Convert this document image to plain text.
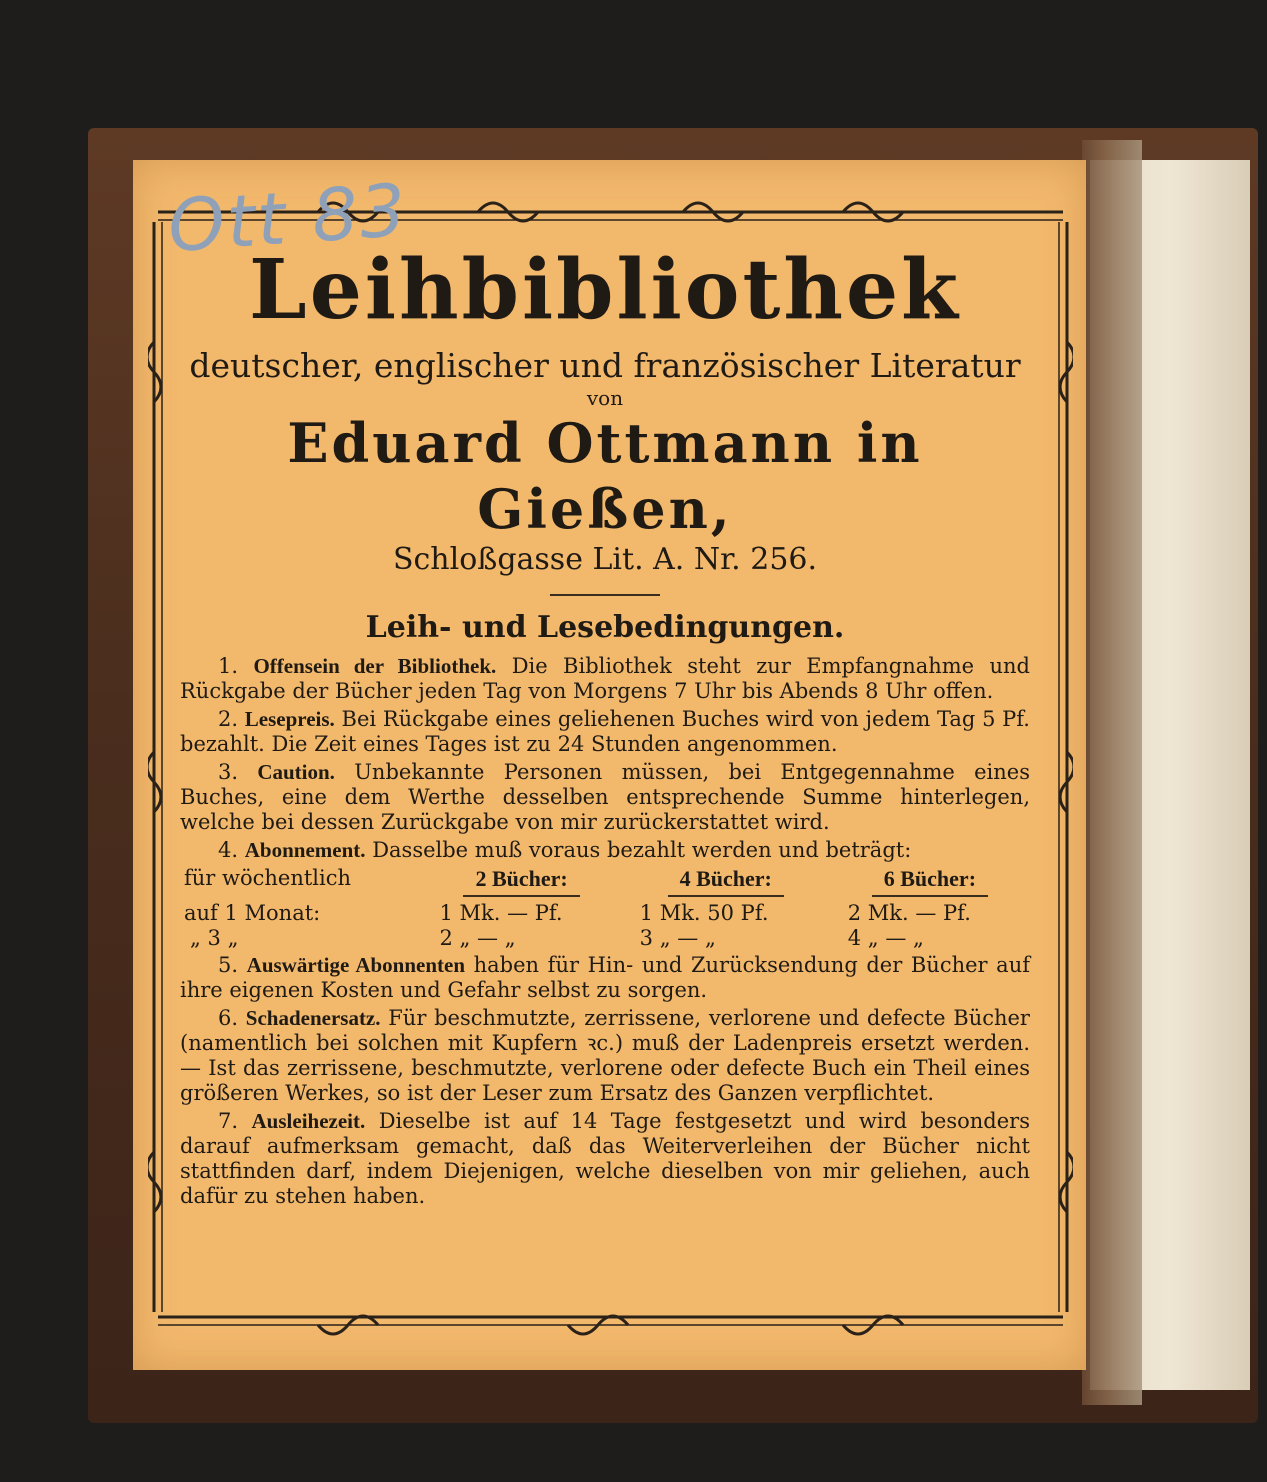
Ott 83
Leihbibliothek
deutscher, englischer und französischer Literatur
von
Eduard Ottmann in Gießen,
Schloßgasse Lit. A. Nr. 256.
Leih- und Lesebedingungen.

1. Offensein der Bibliothek. Die Bibliothek steht zur Empfangnahme und Rückgabe der Bücher jeden Tag von Morgens 7 Uhr bis Abends 8 Uhr offen.

2. Lesepreis. Bei Rückgabe eines geliehenen Buches wird von jedem Tag 5 Pf. bezahlt. Die Zeit eines Tages ist zu 24 Stunden angenommen.

3. Caution. Unbekannte Personen müssen, bei Entgegennahme eines Buches, eine dem Werthe desselben entsprechende Summe hinterlegen, welche bei dessen Zurückgabe von mir zurückerstattet wird.

4. Abonnement. Dasselbe muß voraus bezahlt werden und beträgt:

für wöchentlich	2 Bücher:	4 Bücher:	6 Bücher:
auf 1 Monat:	1 Mk. — Pf.	1 Mk. 50 Pf.	2 Mk. — Pf.
„ 3 „	2 „ — „	3 „ — „	4 „ — „

5. Auswärtige Abonnenten haben für Hin- und Zurücksendung der Bücher auf ihre eigenen Kosten und Gefahr selbst zu sorgen.

6. Schadenersatz. Für beschmutzte, zerrissene, verlorene und defecte Bücher (namentlich bei solchen mit Kupfern ꝛc.) muß der Ladenpreis ersetzt werden. — Ist das zerrissene, beschmutzte, verlorene oder defecte Buch ein Theil eines größeren Werkes, so ist der Leser zum Ersatz des Ganzen verpflichtet.

7. Ausleihezeit. Dieselbe ist auf 14 Tage festgesetzt und wird besonders darauf aufmerksam gemacht, daß das Weiterverleihen der Bücher nicht stattfinden darf, indem Diejenigen, welche dieselben von mir geliehen, auch dafür zu stehen haben.
